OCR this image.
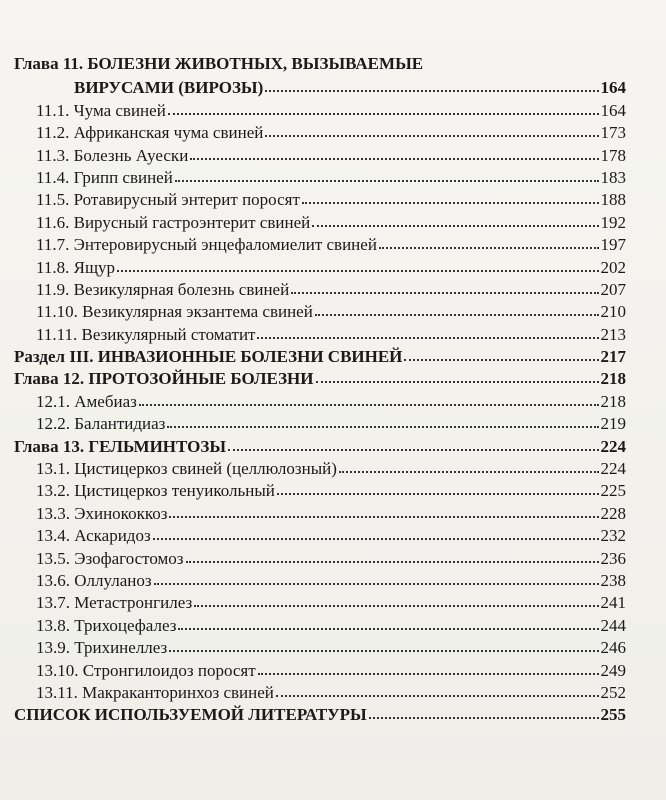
Глава 11. БОЛЕЗНИ ЖИВОТНЫХ, ВЫЗЫВАЕМЫЕ
ВИРУСАМИ (ВИРОЗЫ)	164
11.1. Чума свиней	164
11.2. Африканская чума свиней	173
11.3. Болезнь Ауески	178
11.4. Грипп свиней	183
11.5. Ротавирусный энтерит поросят	188
11.6. Вирусный гастроэнтерит свиней	192
11.7. Энтеровирусный энцефаломиелит свиней	197
11.8. Ящур	202
11.9. Везикулярная болезнь свиней	207
11.10. Везикулярная экзантема свиней	210
11.11. Везикулярный стоматит	213
Раздел III. ИНВАЗИОННЫЕ БОЛЕЗНИ СВИНЕЙ	217
Глава 12. ПРОТОЗОЙНЫЕ БОЛЕЗНИ	218
12.1. Амебиаз	218
12.2. Балантидиаз	219
Глава 13. ГЕЛЬМИНТОЗЫ	224
13.1. Цистицеркоз свиней (целлюлозный)	224
13.2. Цистицеркоз тенуикольный	225
13.3. Эхинококкоз	228
13.4. Аскаридоз	232
13.5. Эзофагостомоз	236
13.6. Оллуланоз	238
13.7. Метастронгилез	241
13.8. Трихоцефалез	244
13.9. Трихинеллез	246
13.10. Стронгилоидоз поросят	249
13.11. Макракантоpинхоз свиней	252
СПИСОК ИСПОЛЬЗУЕМОЙ ЛИТЕРАТУРЫ	255
